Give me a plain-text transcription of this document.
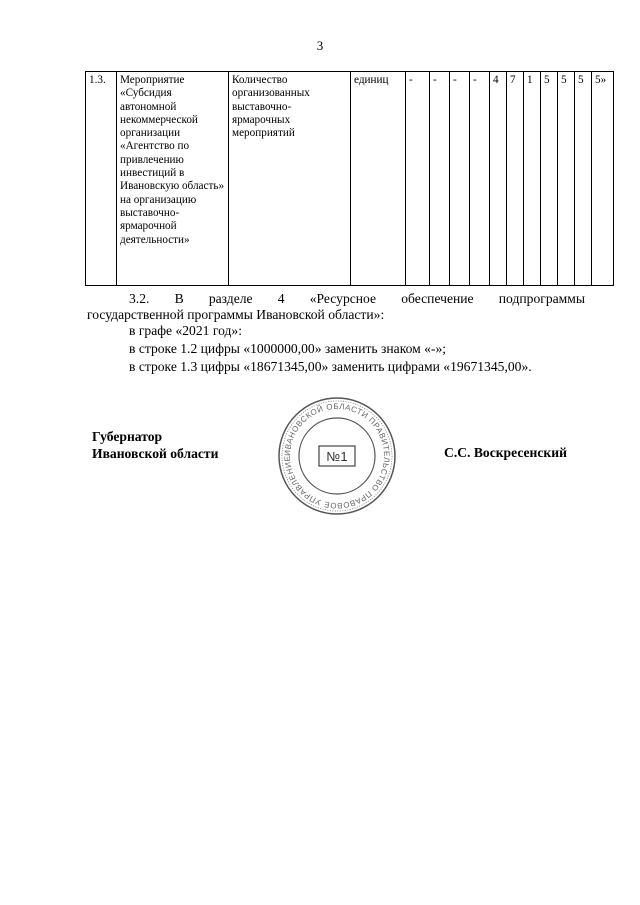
3
1.3.	Мероприятие «Субсидия автономной некоммерческой организации «Агентство по привлечению инвестиций в Ивановскую область» на организацию выставочно-ярмарочной деятельности»	Количество организованных выставочно-ярмарочных мероприятий	единиц	-	-	-	-	4	7	1	5	5	5	5»
3.2. В разделе 4 «Ресурсное обеспечение подпрограммы
государственной программы Ивановской области»:
в графе «2021 год»:
в строке 1.2 цифры «1000000,00» заменить знаком «-»;
в строке 1.3 цифры «18671345,00» заменить цифрами «19671345,00».
Губернатор
Ивановской области	ИВАНОВСКОЙ ОБЛАСТИ ПРАВИТЕЛЬСТВО ПРАВОВОЕ УПРАВЛЕНИЕ	№1	С.С. Воскресенский
